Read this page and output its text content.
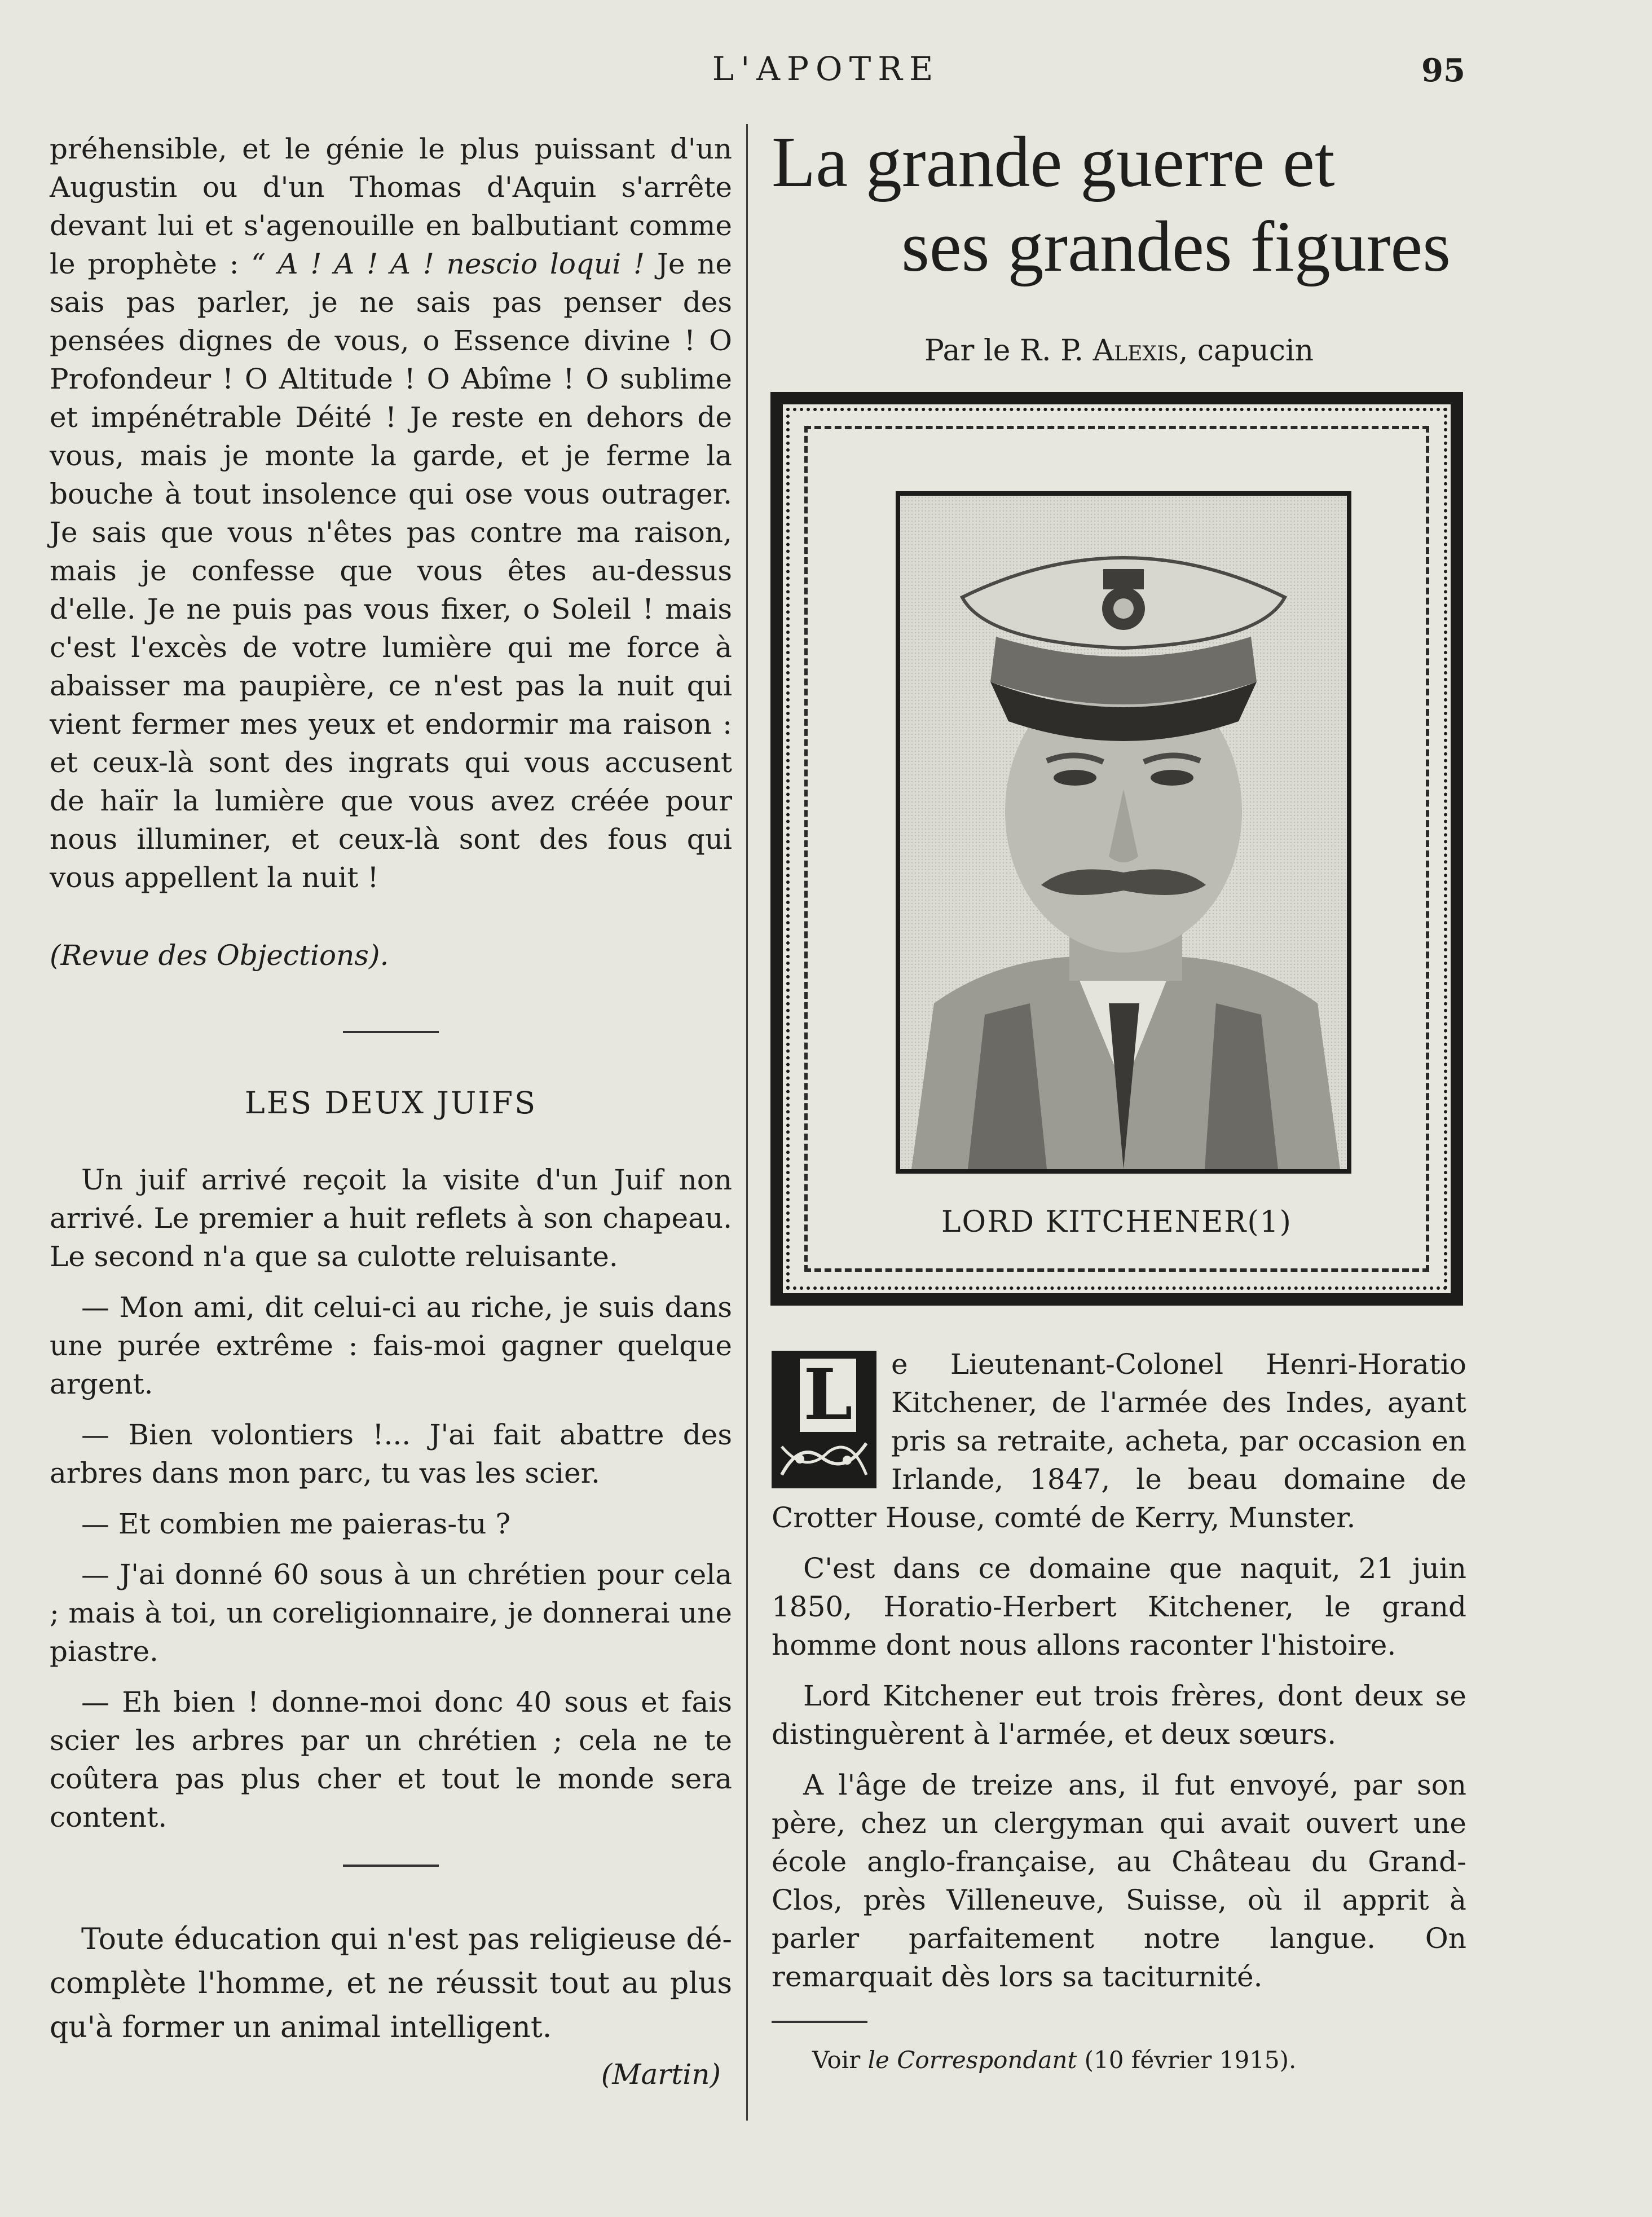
L'APOTRE	95

préhensible, et le génie le plus puissant d'un Augustin ou d'un Thomas d'Aquin s'arrête devant lui et s'agenouille en balbutiant comme le prophète : “ A ! A ! A ! nescio loqui ! Je ne sais pas parler, je ne sais pas penser des pensées dignes de vous, o Essence divine ! O Profondeur ! O Altitude ! O Abîme ! O sublime et impénétrable Déité ! Je reste en dehors de vous, mais je monte la garde, et je ferme la bouche à tout insolence qui ose vous outrager. Je sais que vous n'êtes pas contre ma raison, mais je confesse que vous êtes au-dessus d'elle. Je ne puis pas vous fixer, o Soleil ! mais c'est l'excès de votre lumière qui me force à abaisser ma paupière, ce n'est pas la nuit qui vient fermer mes yeux et endormir ma raison : et ceux-là sont des ingrats qui vous accusent de haïr la lumière que vous avez créée pour nous illuminer, et ceux-là sont des fous qui vous appellent la nuit !

(Revue des Objections).

LES DEUX JUIFS

Un juif arrivé reçoit la visite d'un Juif non arrivé. Le premier a huit reflets à son chapeau. Le second n'a que sa culotte reluisante.

— Mon ami, dit celui-ci au riche, je suis dans une purée extrême : fais-moi gagner quelque argent.

— Bien volontiers !... J'ai fait abattre des arbres dans mon parc, tu vas les scier.

— Et combien me paieras-tu ?

— J'ai donné 60 sous à un chrétien pour cela ; mais à toi, un coreligionnaire, je donnerai une piastre.

— Eh bien ! donne-moi donc 40 sous et fais scier les arbres par un chrétien ; cela ne te coûtera pas plus cher et tout le monde sera content.

Toute éducation qui n'est pas religieuse dé-complète l'homme, et ne réussit tout au plus qu'à former un animal intelligent.

(Martin)

La grande guerre et
ses grandes figures
Par le R. P. Alexis, capucin
LORD KITCHENER(1)
L	e Lieutenant-Colonel Henri-Horatio Kitchener, de l'armée des Indes, ayant pris sa retraite, acheta, par occasion en Irlande, 1847, le beau domaine de Crotter House, comté de Kerry, Munster.

C'est dans ce domaine que naquit, 21 juin 1850, Horatio-Herbert Kitchener, le grand homme dont nous allons raconter l'histoire.

Lord Kitchener eut trois frères, dont deux se distinguèrent à l'armée, et deux sœurs.

A l'âge de treize ans, il fut envoyé, par son père, chez un clergyman qui avait ouvert une école anglo-française, au Château du Grand-Clos, près Villeneuve, Suisse, où il apprit à parler parfaitement notre langue. On remarquait dès lors sa taciturnité.

Voir le Correspondant (10 février 1915).
